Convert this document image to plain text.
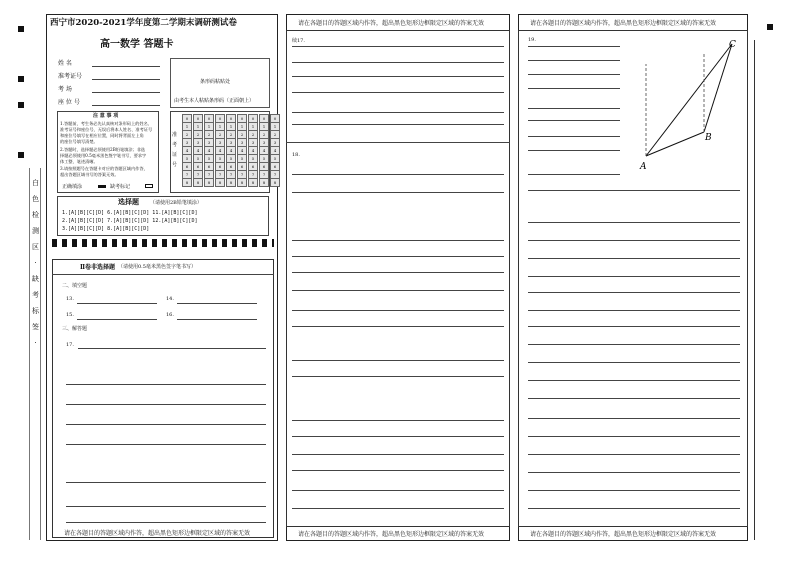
白
色
检
测
区
·
缺
考
标
签
·
西宁市2020-2021学年度第二学期末调研测试卷
高一数学 答题卡
姓 名
准考证号
考 场
座 位 号
条形码粘贴处
由考生本人粘贴条形码（正面朝上）
注 意 事 项
1.答题前，考生务必先认真核对条形码上的姓名、
准考证号和座位号，无误后将本人姓名、准考证号
和座位号填写在相应位置，同时将背面左上角
的座位号填写清楚。
2.答题时，选择题必须使用2B铅笔填涂；非选
择题必须使用0.5毫米黑色签字笔书写，要求字
体工整、笔迹清晰。
3.请按照题号在答题卡对应的答题区域内作答，
超出答题区域书写的答案无效。
正确填涂	缺考标记
准考证号
0	0	0	0	0	0	0	0	0
1	1	1	1	1	1	1	1	1
2	2	2	2	2	2	2	2	2
3	3	3	3	3	3	3	3	3
4	4	4	4	4	4	4	4	4
5	5	5	5	5	5	5	5	5
6	6	6	6	6	6	6	6	6
7	7	7	7	7	7	7	7	7
8	8	8	8	8	8	8	8	8
选择题 （请使用2B铅笔填涂）
1.[A][B][C][D] 6.[A][B][C][D] 11.[A][B][C][D]
2.[A][B][C][D] 7.[A][B][C][D] 12.[A][B][C][D]
3.[A][B][C][D] 8.[A][B][C][D]
Ⅱ卷非选择题 （请使用0.5毫米黑色签字笔书写）
二、填空题
13.	14.
15.	16.
三、解答题
17.
请在各题目的答题区域内作答，超出黑色矩形边框限定区域的答案无效
请在各题目的答题区域内作答，超出黑色矩形边框限定区域的答案无效
续17.
18.
请在各题目的答题区域内作答，超出黑色矩形边框限定区域的答案无效
请在各题目的答题区域内作答，超出黑色矩形边框限定区域的答案无效
19.
A
B
C
请在各题目的答题区域内作答，超出黑色矩形边框限定区域的答案无效
